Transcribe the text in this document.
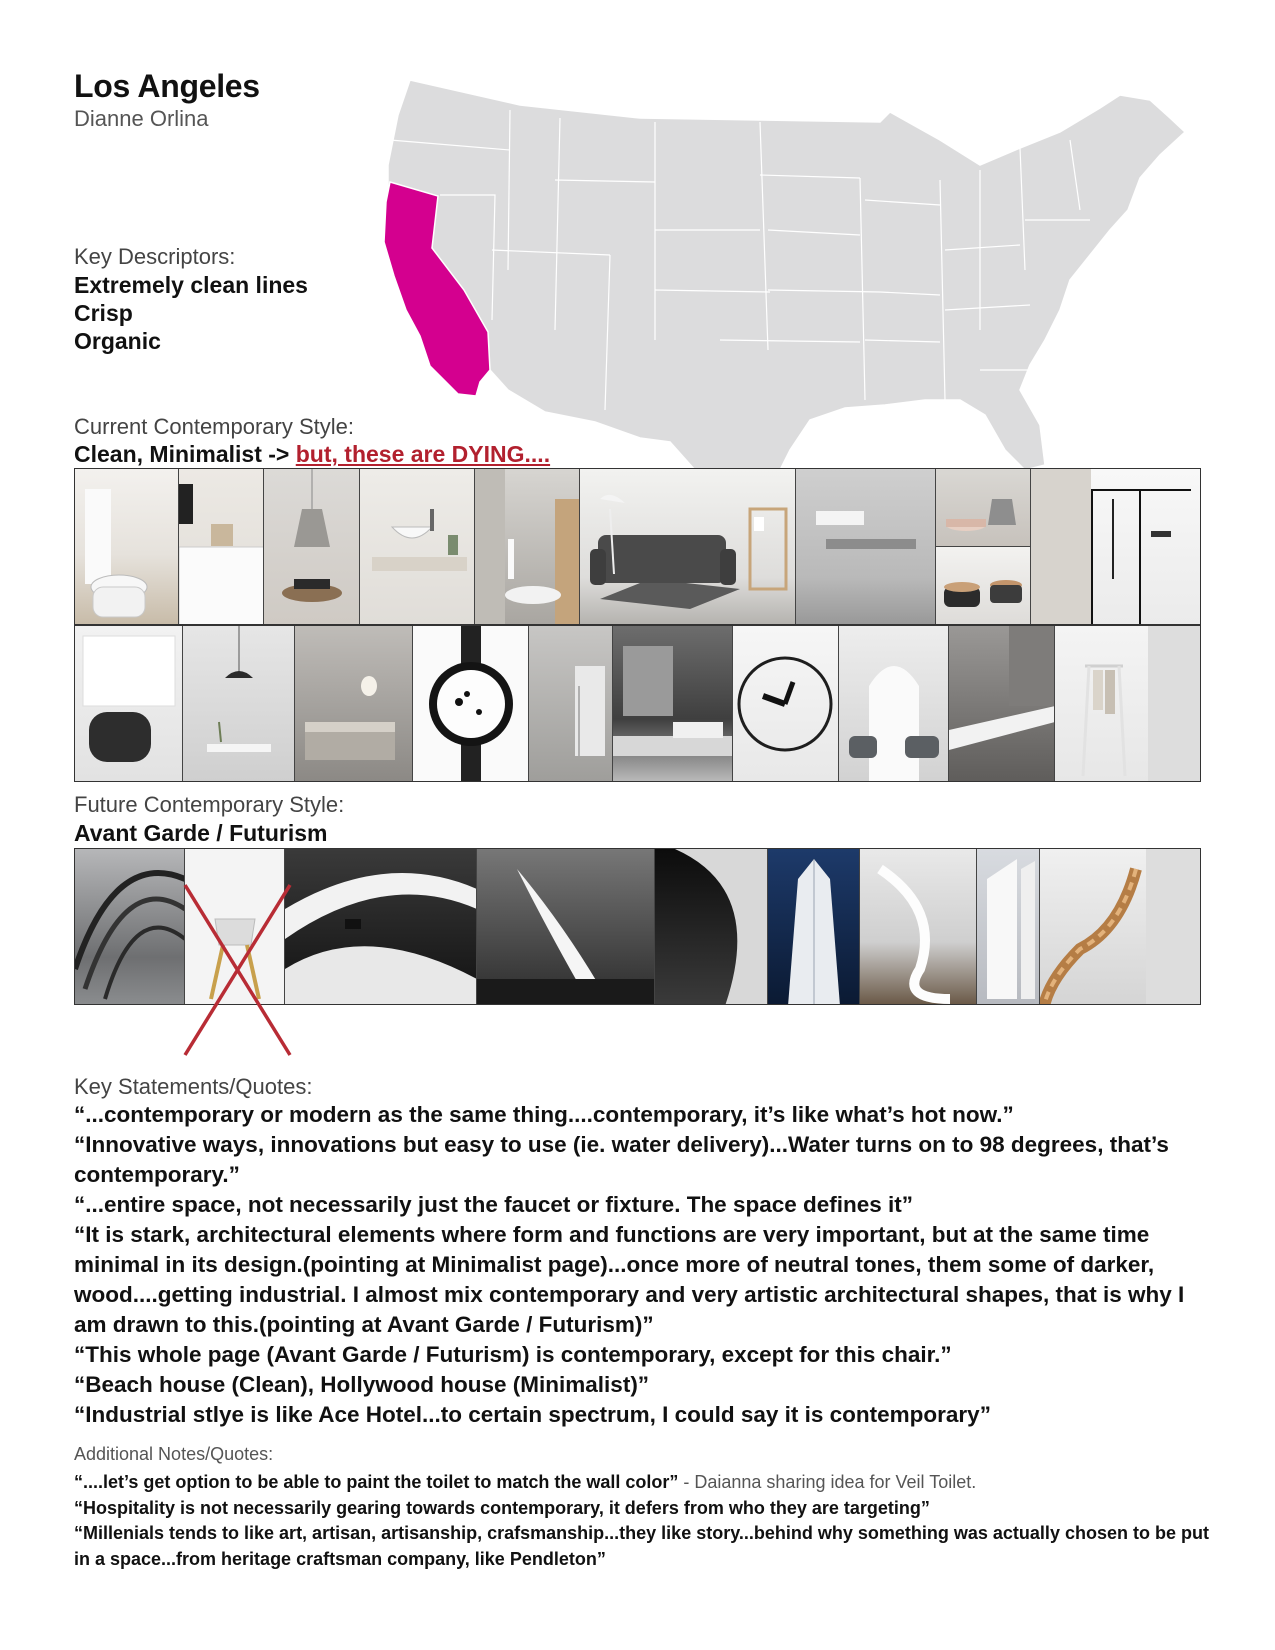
Los Angeles
Dianne Orlina
Key Descriptors:
Extremely clean lines
Crisp
Organic
Current Contemporary Style:
Clean, Minimalist -> but, these are DYING....
Future Contemporary Style:
Avant Garde / Futurism
Key Statements/Quotes:

“...contemporary or modern as the same thing....contemporary, it’s like what’s hot now.”

“Innovative ways, innovations but easy to use (ie. water delivery)...Water turns on to 98 degrees, that’s contemporary.”

“...entire space, not necessarily just the faucet or fixture. The space defines it”

“It is stark, architectural elements where form and functions are very important, but at the same time minimal in its design.(pointing at Minimalist page)...once more of neutral tones, them some of darker, wood....getting industrial. I almost mix contemporary and very artistic architectural shapes, that is why I am drawn to this.(pointing at Avant Garde / Futurism)”

“This whole page (Avant Garde / Futurism) is contemporary, except for this chair.”

“Beach house (Clean), Hollywood house (Minimalist)”

“Industrial stlye is like Ace Hotel...to certain spectrum, I could say it is contemporary”

Additional Notes/Quotes:

“....let’s get option to be able to paint the toilet to match the wall color” - Daianna sharing idea for Veil Toilet.

“Hospitality is not necessarily gearing towards contemporary, it defers from who they are targeting”

“Millenials tends to like art, artisan, artisanship, crafsmanship...they like story...behind why something was actually chosen to be put in a space...from heritage craftsman company, like Pendleton”
